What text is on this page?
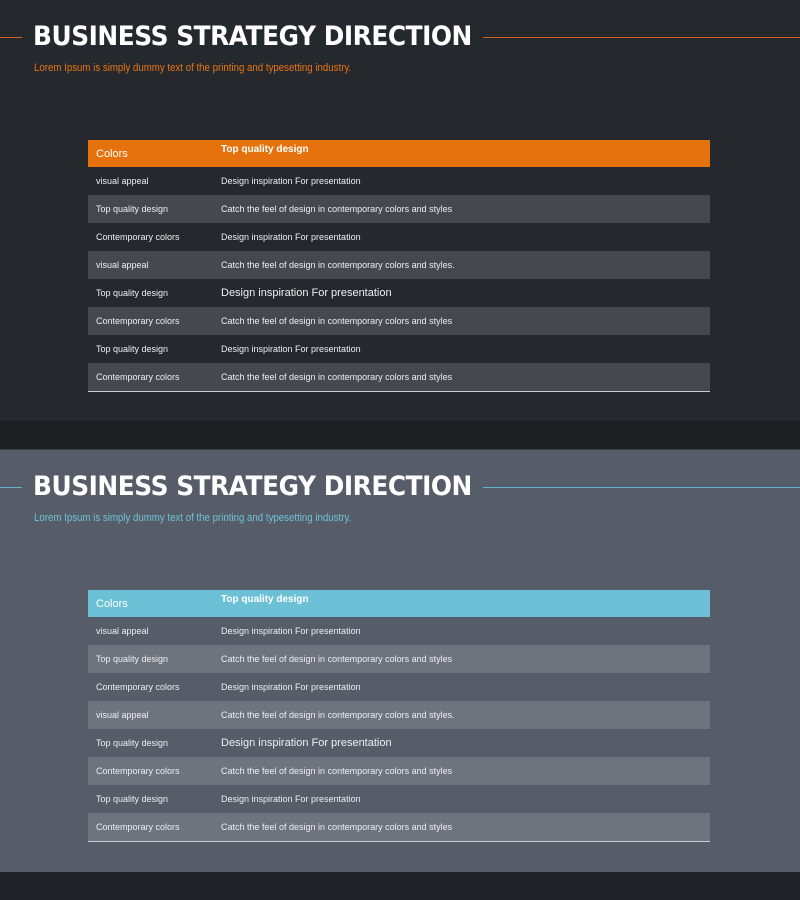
BUSINESS STRATEGY DIRECTION

Lorem Ipsum is simply dummy text of the printing and typesetting industry.

Colors	Top quality design
visual appeal	Design inspiration For presentation
Top quality design	Catch the feel of design in contemporary colors and styles
Contemporary colors	Design inspiration For presentation
visual appeal	Catch the feel of design in contemporary colors and styles.
Top quality design	Design inspiration For presentation
Contemporary colors	Catch the feel of design in contemporary colors and styles
Top quality design	Design inspiration For presentation
Contemporary colors	Catch the feel of design in contemporary colors and styles
BUSINESS STRATEGY DIRECTION

Lorem Ipsum is simply dummy text of the printing and typesetting industry.

Colors	Top quality design
visual appeal	Design inspiration For presentation
Top quality design	Catch the feel of design in contemporary colors and styles
Contemporary colors	Design inspiration For presentation
visual appeal	Catch the feel of design in contemporary colors and styles.
Top quality design	Design inspiration For presentation
Contemporary colors	Catch the feel of design in contemporary colors and styles
Top quality design	Design inspiration For presentation
Contemporary colors	Catch the feel of design in contemporary colors and styles
